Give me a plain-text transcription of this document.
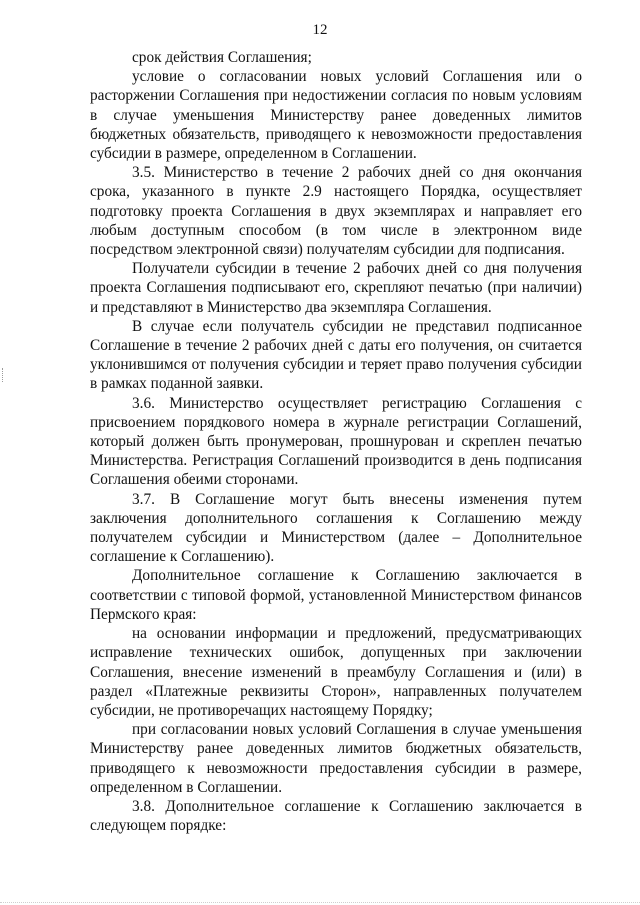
12

срок действия Соглашения;

условие о согласовании новых условий Соглашения или о расторжении Соглашения при недостижении согласия по новым условиям в случае уменьшения Министерству ранее доведенных лимитов бюджетных обязательств, приводящего к невозможности предоставления субсидии в размере, определенном в Соглашении.

3.5. Министерство в течение 2 рабочих дней со дня окончания срока, указанного в пункте 2.9 настоящего Порядка, осуществляет подготовку проекта Соглашения в двух экземплярах и направляет его любым доступным способом (в том числе в электронном виде посредством электронной связи) получателям субсидии для подписания.

Получатели субсидии в течение 2 рабочих дней со дня получения проекта Соглашения подписывают его, скрепляют печатью (при наличии) и представляют в Министерство два экземпляра Соглашения.

В случае если получатель субсидии не представил подписанное Соглашение в течение 2 рабочих дней с даты его получения, он считается уклонившимся от получения субсидии и теряет право получения субсидии в рамках поданной заявки.

3.6. Министерство осуществляет регистрацию Соглашения с присвоением порядкового номера в журнале регистрации Соглашений, который должен быть пронумерован, прошнурован и скреплен печатью Министерства. Регистрация Соглашений производится в день подписания Соглашения обеими сторонами.

3.7. В Соглашение могут быть внесены изменения путем заключения дополнительного соглашения к Соглашению между получателем субсидии и Министерством (далее – Дополнительное соглашение к Соглашению).

Дополнительное соглашение к Соглашению заключается в соответствии с типовой формой, установленной Министерством финансов Пермского края:

на основании информации и предложений, предусматривающих исправление технических ошибок, допущенных при заключении Соглашения, внесение изменений в преамбулу Соглашения и (или) в раздел «Платежные реквизиты Сторон», направленных получателем субсидии, не противоречащих настоящему Порядку;

при согласовании новых условий Соглашения в случае уменьшения Министерству ранее доведенных лимитов бюджетных обязательств, приводящего к невозможности предоставления субсидии в размере, определенном в Соглашении.

3.8. Дополнительное соглашение к Соглашению заключается в следующем порядке:
